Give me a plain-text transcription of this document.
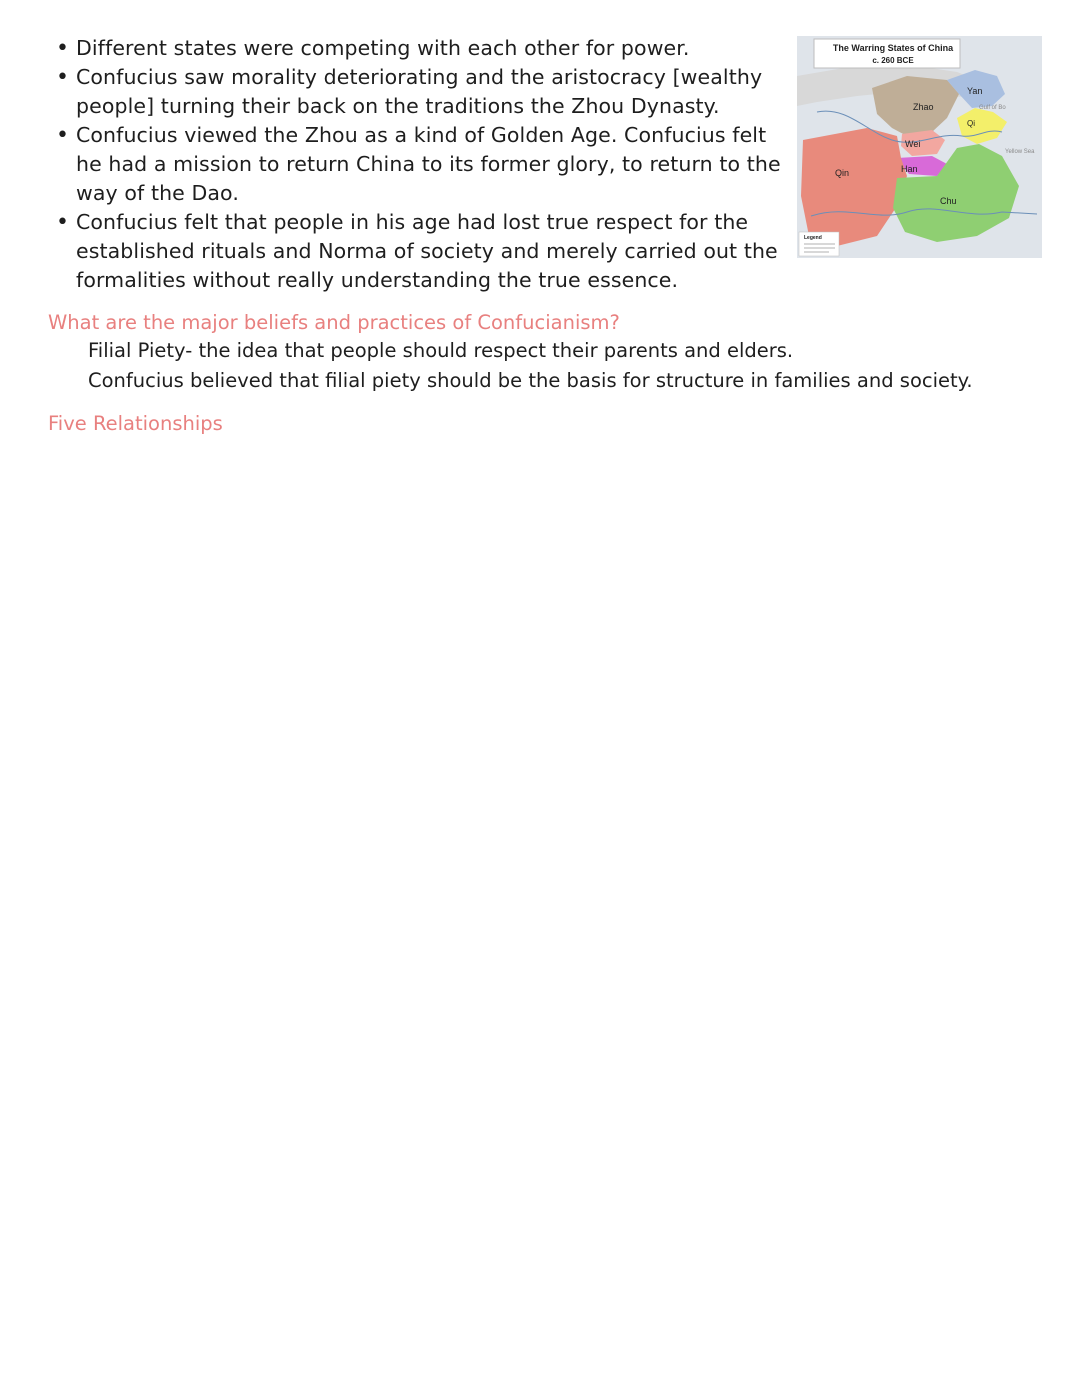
• Different states were competing with each other for power.
• Confucius saw morality deteriorating and the aristocracy [wealthy people] turning their back on the traditions the Zhou Dynasty.
• Confucius viewed the Zhou as a kind of Golden Age. Confucius felt he had a mission to return China to its former glory, to return to the way of the Dao.
• Confucius felt that people in his age had lost true respect for the established rituals and Norma of society and merely carried out the formalities without really understanding the true essence.
The Warring States of China
c. 260 BCE
Zhao
Yan
Qi
Wei
Han
Qin
Chu
Gulf of Bo
Yellow Sea
Legend
What are the major beliefs and practices of Confucianism?
Filial Piety- the idea that people should respect their parents and elders.
Confucius believed that filial piety should be the basis for structure in families and society.
Five Relationships
